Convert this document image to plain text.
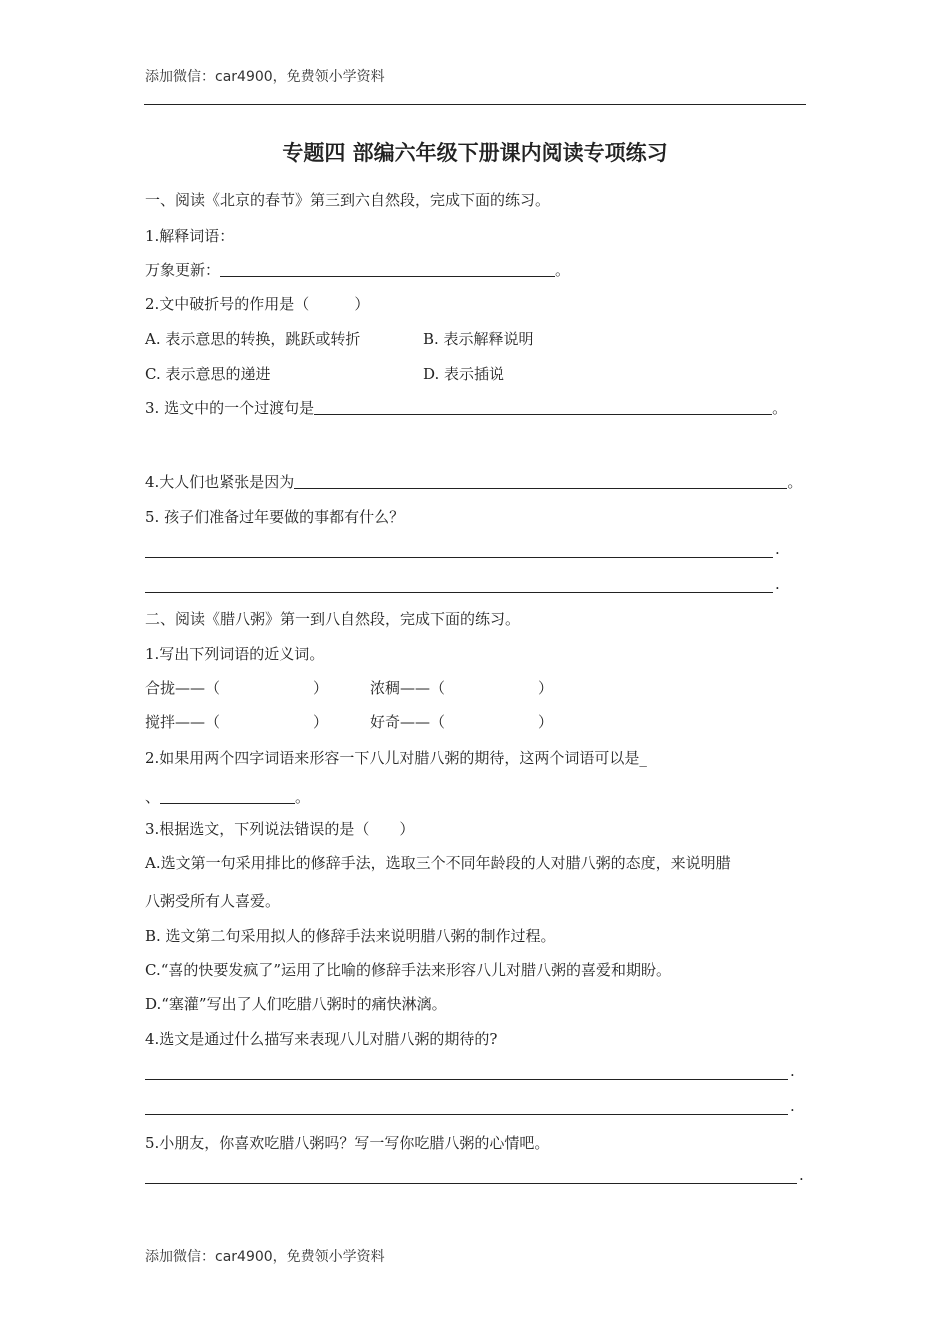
添加微信：car4900，免费领小学资料
专题四 部编六年级下册课内阅读专项练习
一、阅读《北京的春节》第三到六自然段，完成下面的练习。
1.解释词语：
万象更新：	。
2.文中破折号的作用是（　　　）
A. 表示意思的转换，跳跃或转折	B. 表示解释说明
C. 表示意思的递进	D. 表示插说
3. 选文中的一个过渡句是	。
4.大人们也紧张是因为	。
5. 孩子们准备过年要做的事都有什么？
.
.
二、阅读《腊八粥》第一到八自然段，完成下面的练习。
1.写出下列词语的近义词。
合拢——（	）	浓稠——（	）
搅拌——（	）	好奇——（	）
2.如果用两个四字词语来形容一下八儿对腊八粥的期待，这两个词语可以是_
、	。
3.根据选文，下列说法错误的是（　　）
A.选文第一句采用排比的修辞手法，选取三个不同年龄段的人对腊八粥的态度，来说明腊
八粥受所有人喜爱。
B. 选文第二句采用拟人的修辞手法来说明腊八粥的制作过程。
C.“喜的快要发疯了”运用了比喻的修辞手法来形容八儿对腊八粥的喜爱和期盼。
D.“塞灌”写出了人们吃腊八粥时的痛快淋漓。
4.选文是通过什么描写来表现八儿对腊八粥的期待的?
.
.
5.小朋友，你喜欢吃腊八粥吗？写一写你吃腊八粥的心情吧。
.
添加微信：car4900，免费领小学资料
